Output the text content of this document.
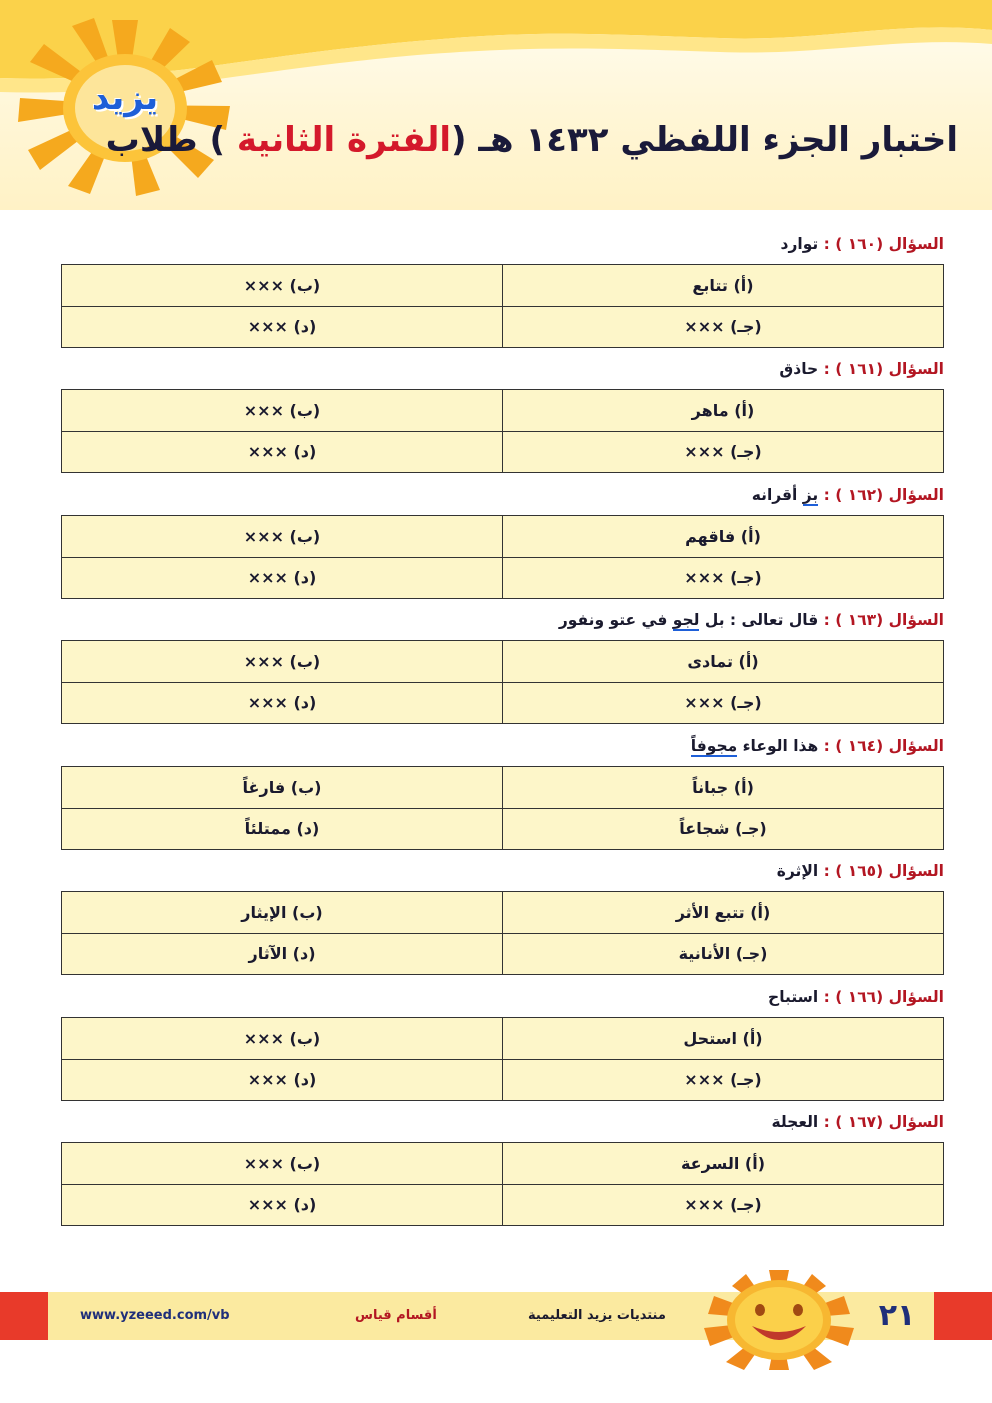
يزيد
اختبار الجزء اللفظي ١٤٣٢ هـ (الفترة الثانية ) طلاب
السؤال (١٦٠ ) : توارد
(أ) تتابع	(ب) ×××
(جـ) ×××	(د) ×××
السؤال (١٦١ ) : حاذق
(أ) ماهر	(ب) ×××
(جـ) ×××	(د) ×××
السؤال (١٦٢ ) : بز أقرانه
(أ) فاقهم	(ب) ×××
(جـ) ×××	(د) ×××
السؤال (١٦٣ ) : قال تعالى : بل لجو في عتو ونفور
(أ) تمادى	(ب) ×××
(جـ) ×××	(د) ×××
السؤال (١٦٤ ) : هذا الوعاء مجوفاً
(أ) جباناً	(ب) فارغاً
(جـ) شجاعاً	(د) ممتلئاً
السؤال (١٦٥ ) : الإثرة
(أ) تتبع الأثر	(ب) الإيثار
(جـ) الأنانية	(د) الآثار
السؤال (١٦٦ ) : استباح
(أ) استحل	(ب) ×××
(جـ) ×××	(د) ×××
السؤال (١٦٧ ) : العجلة
(أ) السرعة	(ب) ×××
(جـ) ×××	(د) ×××
٢١
منتديات يزيد التعليمية
أقسام قياس
www.yzeeed.com/vb
